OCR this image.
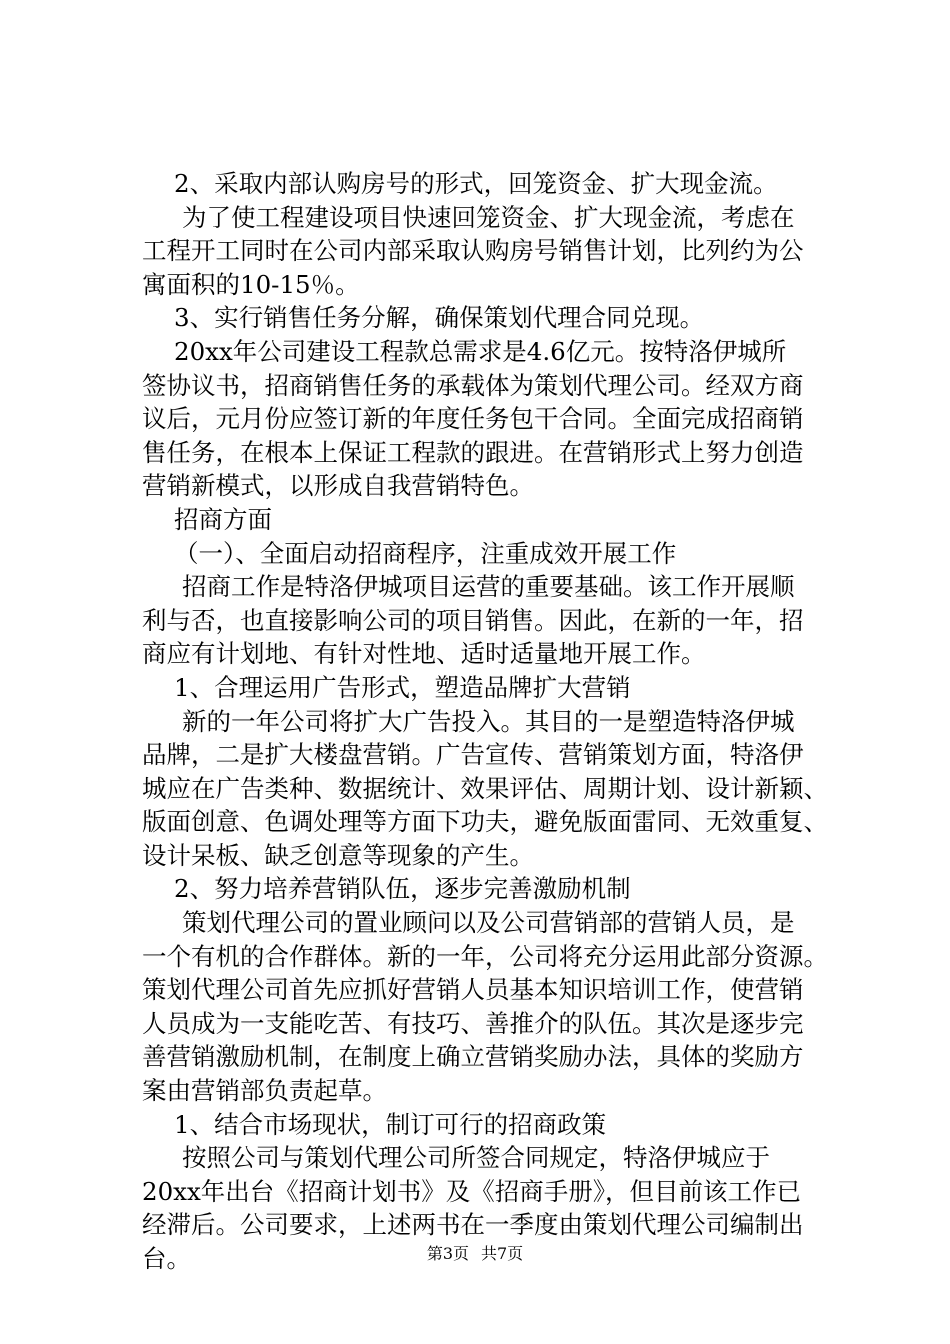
2、采取内部认购房号的形式，回笼资金、扩大现金流。
为了使工程建设项目快速回笼资金、扩大现金流，考虑在
工程开工同时在公司内部采取认购房号销售计划，比列约为公
寓面积的10-15％。
3、实行销售任务分解，确保策划代理合同兑现。
20xx年公司建设工程款总需求是4.6亿元。按特洛伊城所
签协议书，招商销售任务的承载体为策划代理公司。经双方商
议后，元月份应签订新的年度任务包干合同。全面完成招商销
售任务，在根本上保证工程款的跟进。在营销形式上努力创造
营销新模式，以形成自我营销特色。
招商方面
（一）、全面启动招商程序，注重成效开展工作
招商工作是特洛伊城项目运营的重要基础。该工作开展顺
利与否，也直接影响公司的项目销售。因此，在新的一年，招
商应有计划地、有针对性地、适时适量地开展工作。
1、合理运用广告形式，塑造品牌扩大营销
新的一年公司将扩大广告投入。其目的一是塑造特洛伊城
品牌，二是扩大楼盘营销。广告宣传、营销策划方面，特洛伊
城应在广告类种、数据统计、效果评估、周期计划、设计新颖、
版面创意、色调处理等方面下功夫，避免版面雷同、无效重复、
设计呆板、缺乏创意等现象的产生。
2、努力培养营销队伍，逐步完善激励机制
策划代理公司的置业顾问以及公司营销部的营销人员，是
一个有机的合作群体。新的一年，公司将充分运用此部分资源。
策划代理公司首先应抓好营销人员基本知识培训工作，使营销
人员成为一支能吃苦、有技巧、善推介的队伍。其次是逐步完
善营销激励机制，在制度上确立营销奖励办法，具体的奖励方
案由营销部负责起草。
1、结合市场现状，制订可行的招商政策
按照公司与策划代理公司所签合同规定，特洛伊城应于
20xx年出台《招商计划书》及《招商手册》，但目前该工作已
经滞后。公司要求，上述两书在一季度由策划代理公司编制出
台。	第3页 共7页
